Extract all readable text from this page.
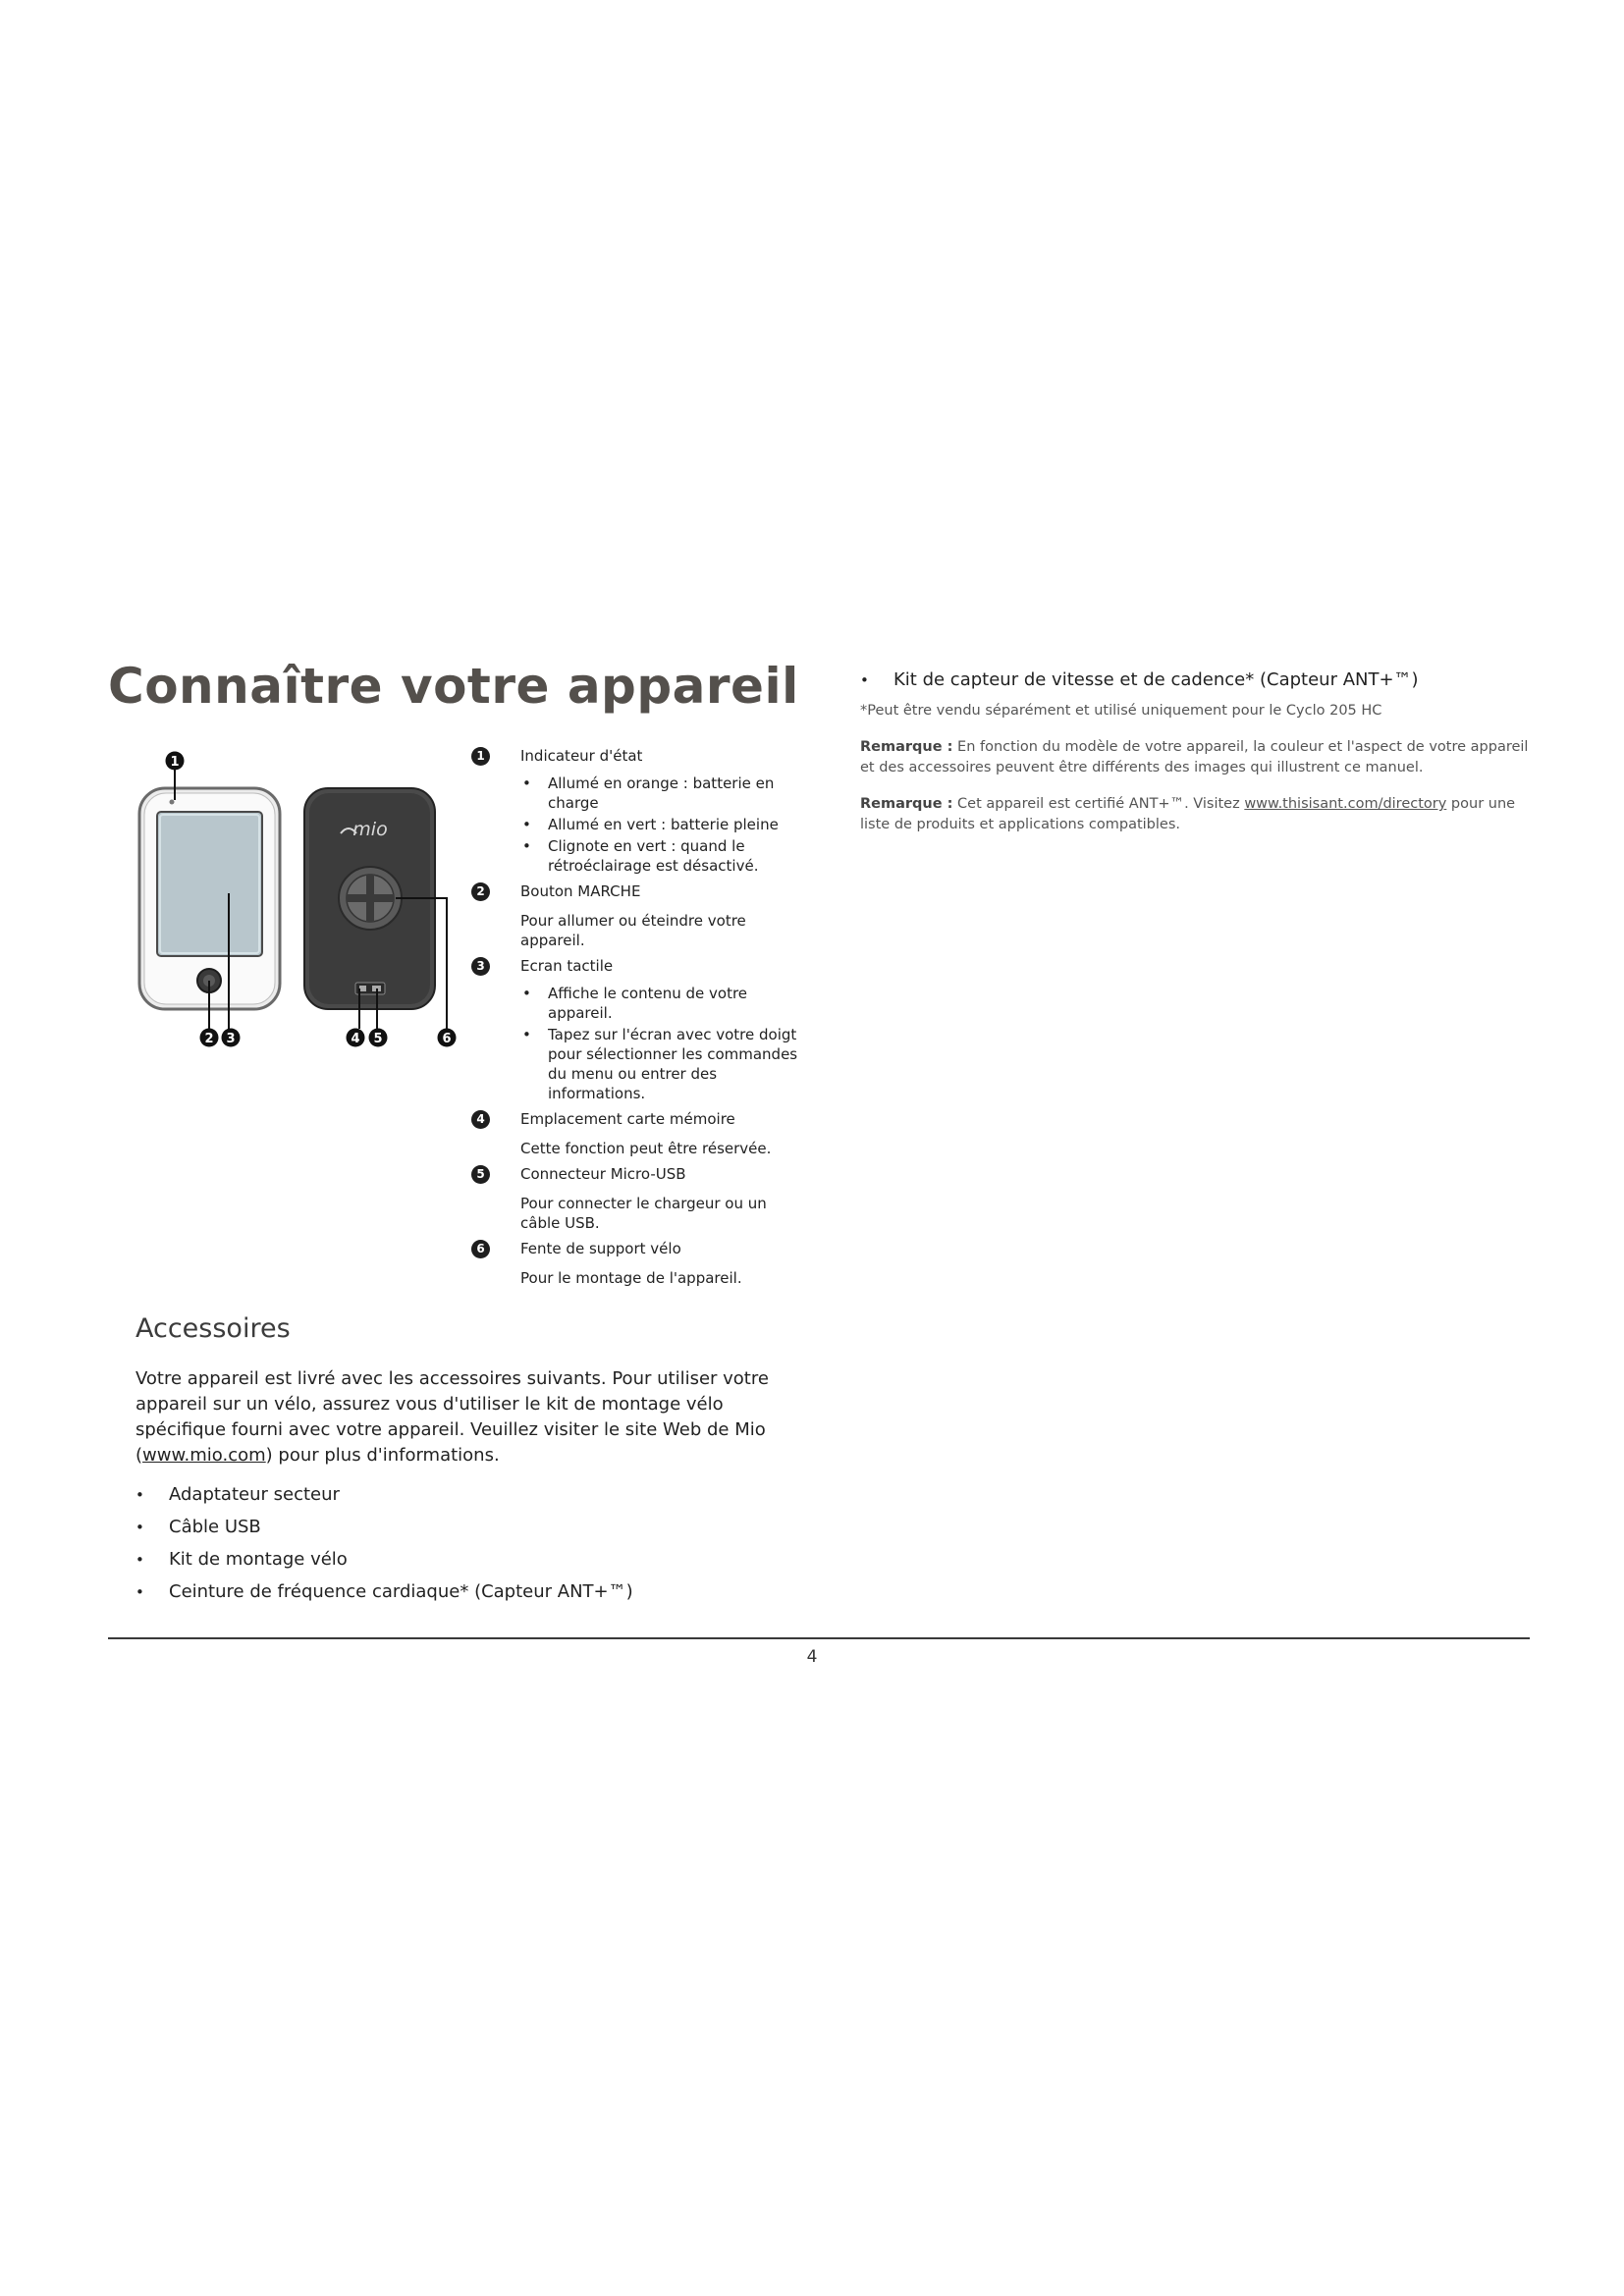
Connaître votre appareil
mio
1
2 3	4 5	6
1	Indicateur d'état
• Allumé en orange : batterie en charge
• Allumé en vert : batterie pleine
• Clignote en vert : quand le rétroéclairage est désactivé.
2	Bouton MARCHE
Pour allumer ou éteindre votre appareil.
3	Ecran tactile
• Affiche le contenu de votre appareil.
• Tapez sur l'écran avec votre doigt pour sélectionner les commandes du menu ou entrer des informations.
4	Emplacement carte mémoire
Cette fonction peut être réservée.
5	Connecteur Micro-USB
Pour connecter le chargeur ou un câble USB.
6	Fente de support vélo
Pour le montage de l'appareil.
Accessoires

Votre appareil est livré avec les accessoires suivants. Pour utiliser votre appareil sur un vélo, assurez vous d'utiliser le kit de montage vélo spécifique fourni avec votre appareil. Veuillez visiter le site Web de Mio (www.mio.com) pour plus d'informations.

• Adaptateur secteur
• Câble USB
• Kit de montage vélo
• Ceinture de fréquence cardiaque* (Capteur ANT+™)

• Kit de capteur de vitesse et de cadence* (Capteur ANT+™)

*Peut être vendu séparément et utilisé uniquement pour le Cyclo 205 HC

Remarque : En fonction du modèle de votre appareil, la couleur et l'aspect de votre appareil et des accessoires peuvent être différents des images qui illustrent ce manuel.

Remarque : Cet appareil est certifié ANT+™. Visitez www.thisisant.com/directory pour une liste de produits et applications compatibles.

4
